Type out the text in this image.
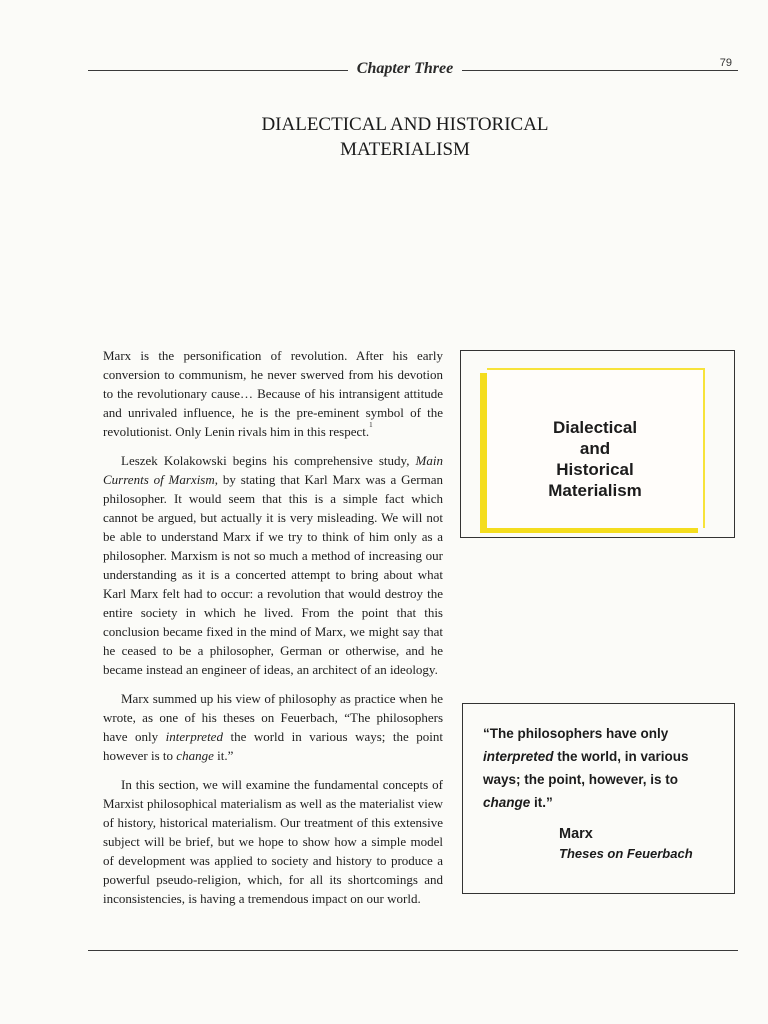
Chapter Three	79
DIALECTICAL AND HISTORICAL
MATERIALISM

Marx is the personification of revolution. After his early conversion to communism, he never swerved from his devotion to the revolutionary cause… Because of his intransigent attitude and unrivaled influence, he is the pre-eminent symbol of the revolutionist. Only Lenin rivals him in this respect.$^1$

Leszek Kolakowski begins his comprehensive study, Main Currents of Marxism, by stating that Karl Marx was a German philosopher. It would seem that this is a simple fact which cannot be argued, but actually it is very misleading. We will not be able to understand Marx if we try to think of him only as a philosopher. Marxism is not so much a method of increasing our understanding as it is a concerted attempt to bring about what Karl Marx felt had to occur: a revolution that would destroy the entire society in which he lived. From the point that this conclusion became fixed in the mind of Marx, we might say that he ceased to be a philosopher, German or otherwise, and he became instead an engineer of ideas, an architect of an ideology.

Marx summed up his view of philosophy as practice when he wrote, as one of his theses on Feuerbach, “The philosophers have only interpreted the world in various ways; the point however is to change it.”

In this section, we will examine the fundamental concepts of Marxist philosophical materialism as well as the materialist view of history, historical materialism. Our treatment of this extensive subject will be brief, but we hope to show how a simple model of development was applied to society and history to produce a powerful pseudo-religion, which, for all its shortcomings and inconsistencies, is having a tremendous impact on our world.

Dialectical
and
Historical
Materialism
“The philosophers have only interpreted the world, in various ways; the point, however, is to change it.”
Marx
Theses on Feuerbach
